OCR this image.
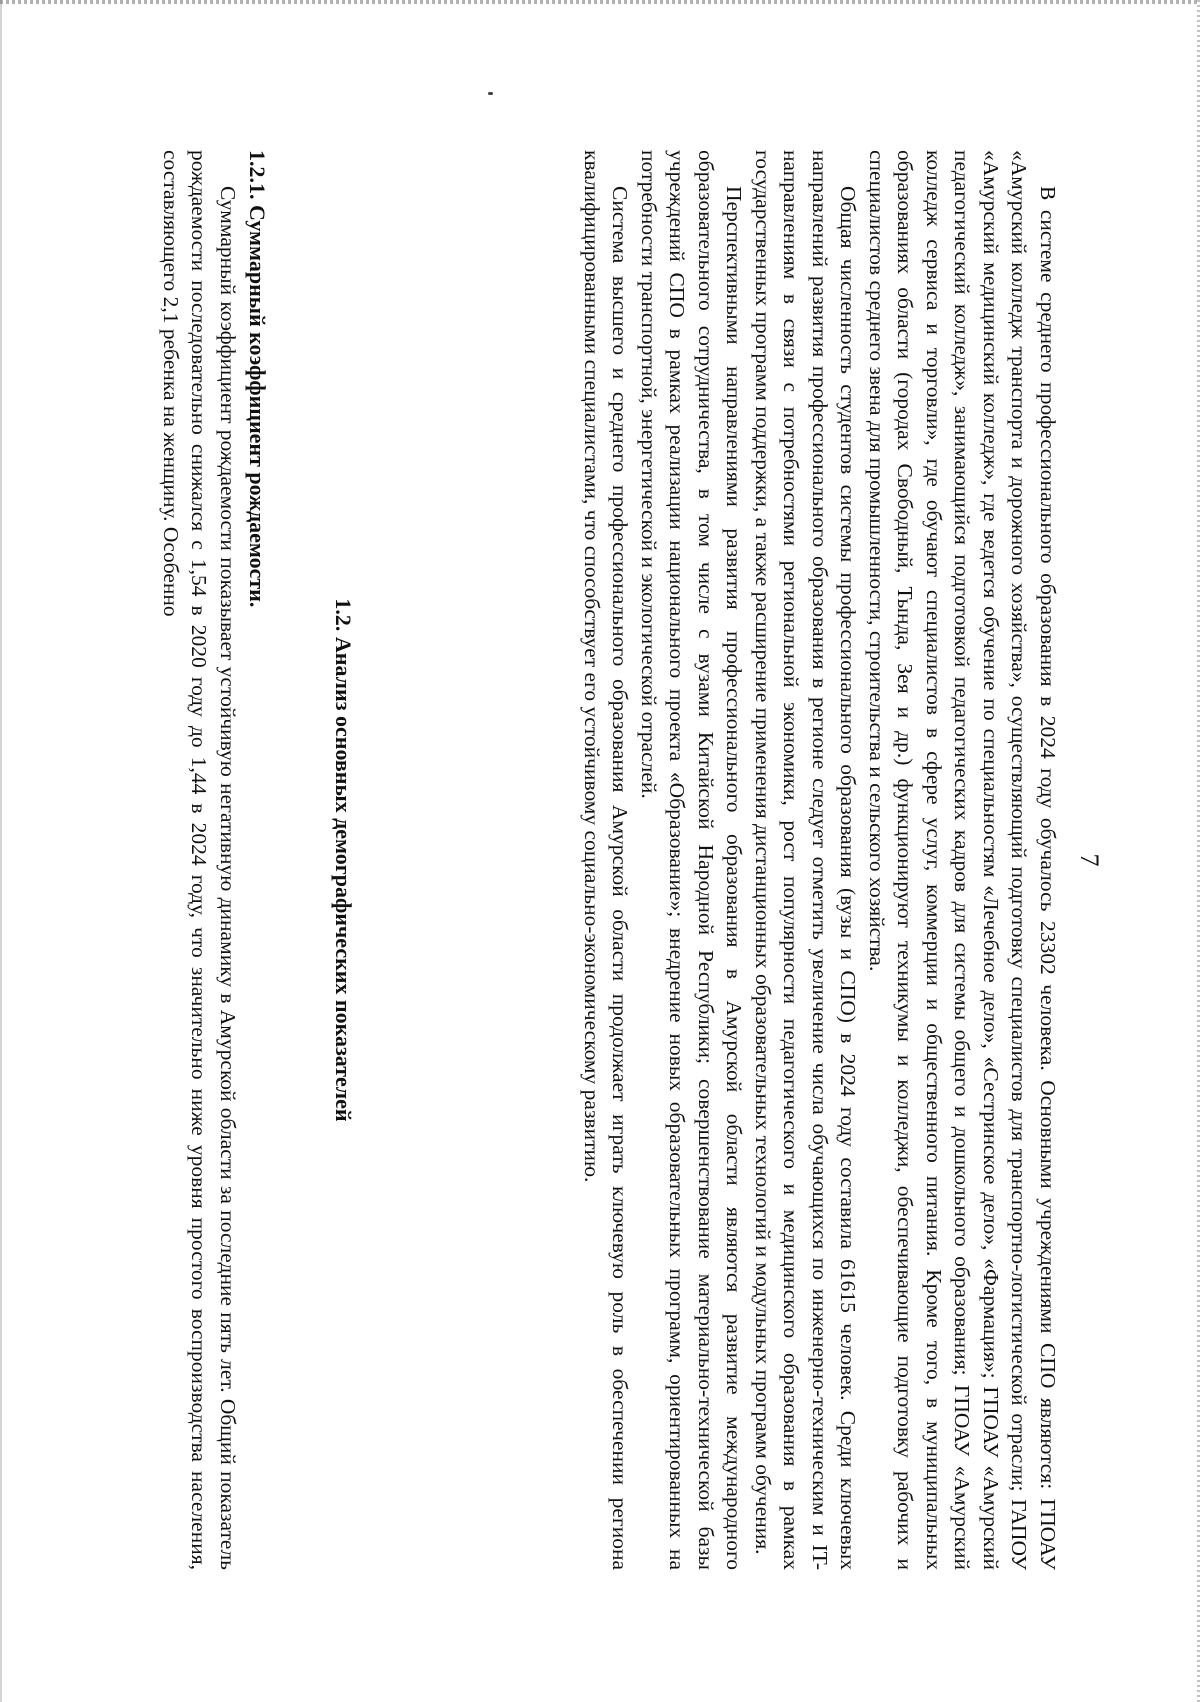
7

В системе среднего профессионального образования в 2024 году обучалось 23302 человека. Основными учреждениями СПО являются: ГПОАУ «Амурский колледж транспорта и дорожного хозяйства», осуществляющий подготовку специалистов для транспортно-логистической отрасли; ГАПОУ «Амурский медицинский колледж», где ведется обучение по специальностям «Лечебное дело», «Сестринское дело», «Фармация»; ГПОАУ «Амурский педагогический колледж», занимающийся подготовкой педагогических кадров для системы общего и дошкольного образования; ГПОАУ «Амурский колледж сервиса и торговли», где обучают специалистов в сфере услуг, коммерции и общественного питания. Кроме того, в муниципальных образованиях области (городах Свободный, Тында, Зея и др.) функционируют техникумы и колледжи, обеспечивающие подготовку рабочих и специалистов среднего звена для промышленности, строительства и сельского хозяйства.

Общая численность студентов системы профессионального образования (вузы и СПО) в 2024 году составила 61615 человек. Среди ключевых направлений развития профессионального образования в регионе следует отметить увеличение числа обучающихся по инженерно-техническим и IT-направлениям в связи с потребностями региональной экономики, рост популярности педагогического и медицинского образования в рамках государственных программ поддержки, а также расширение применения дистанционных образовательных технологий и модульных программ обучения.

Перспективными направлениями развития профессионального образования в Амурской области являются развитие международного образовательного сотрудничества, в том числе с вузами Китайской Народной Республики; совершенствование материально-технической базы учреждений СПО в рамках реализации национального проекта «Образование»; внедрение новых образовательных программ, ориентированных на потребности транспортной, энергетической и экологической отраслей.

Система высшего и среднего профессионального образования Амурской области продолжает играть ключевую роль в обеспечении региона квалифицированными специалистами, что способствует его устойчивому социально-экономическому развитию.

1.2. Анализ основных демографических показателей
1.2.1. Суммарный коэффициент рождаемости.

Суммарный коэффициент рождаемости показывает устойчивую негативную динамику в Амурской области за последние пять лет. Общий показатель рождаемости последовательно снижался с 1,54 в 2020 году до 1,44 в 2024 году, что значительно ниже уровня простого воспроизводства населения, составляющего 2,1 ребенка на женщину. Особенно
